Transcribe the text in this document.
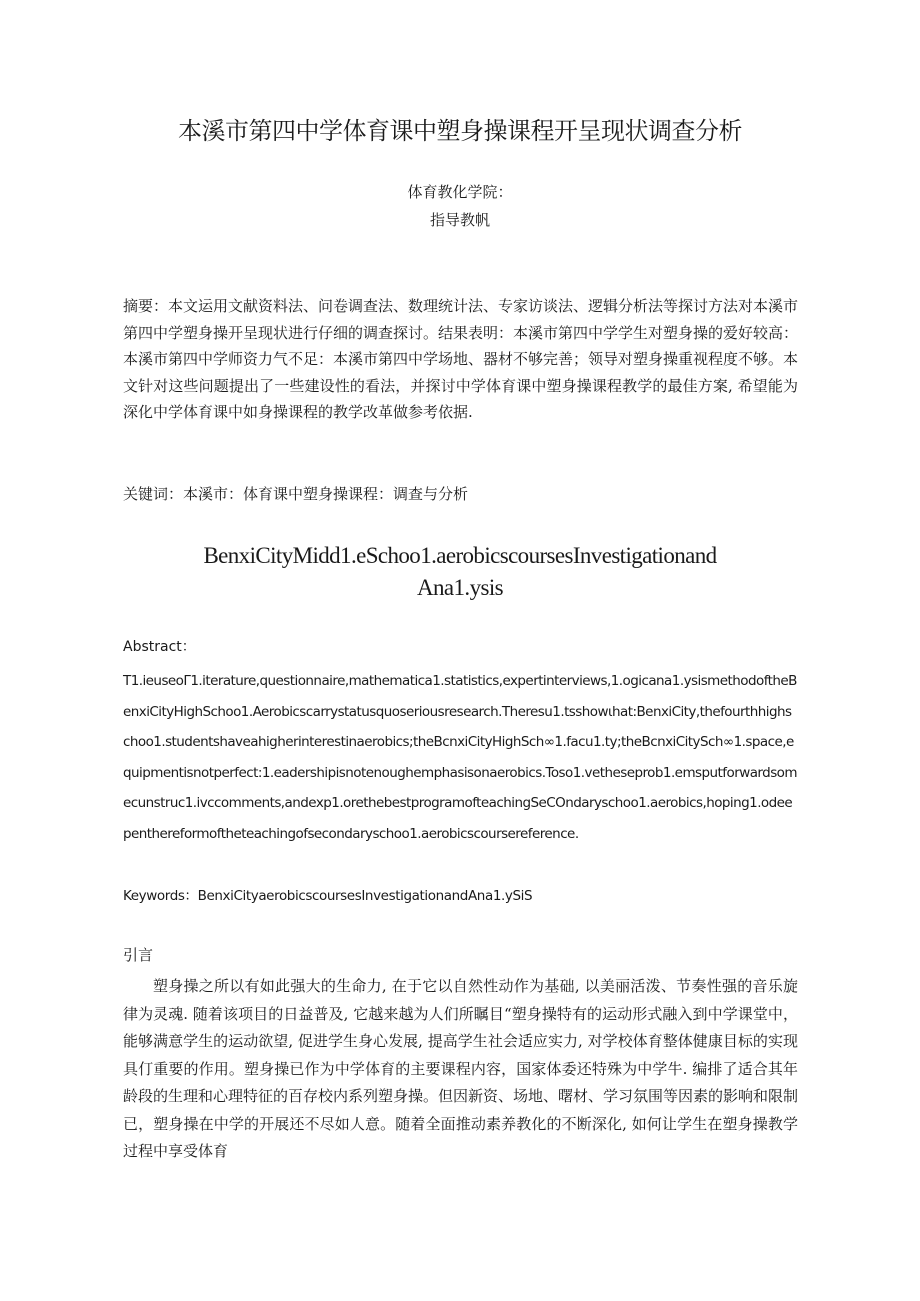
本溪市第四中学体育课中塑身操课程开呈现状调查分析
体育教化学院：
指导教帆

摘要：本文运用文献资料法、问卷调查法、数理统计法、专家访谈法、逻辑分析法等探讨方法对本溪市第四中学塑身操开呈现状进行仔细的调查探讨。结果表明：本溪市第四中学学生对塑身操的爱好较高：本溪市第四中学师资力气不足：本溪市第四中学场地、器材不够完善；领导对塑身操重视程度不够。本文针对这些问题提出了一些建设性的看法，并探讨中学体育课中塑身操课程教学的最佳方案, 希望能为深化中学体育课中如身操课程的教学改革做参考依据.

关键词：本溪市：体育课中塑身操课程：调查与分析

BenxiCityMidd1.eSchoo1.aerobicscoursesInvestigationand
Ana1.ysis
Abstract：

T1.ieuseoΓ1.iterature,questionnaire,mathematica1.statistics,expertinterviews,1.ogicana1.ysismethodoftheBenxiCityHighSchoo1.Aerobicscarrystatusquoseriousresearch.Theresu1.tsshowιhat:BenxiCity,thefourthhighschoo1.studentshaveahigherinterestinaerobics;theBcnxiCityHighSch∞1.facu1.ty;theBcnxiCitySch∞1.space,equipmentisnotperfect:1.eadershipisnotenoughemphasisonaerobics.Toso1.vetheseprob1.emsputforwardsomecunstruc1.ivccomments,andexp1.orethebestprogramofteachingSeCOndaryschoo1.aerobics,hoping1.odeepenthereformoftheteachingofsecondaryschoo1.aerobicscoursereference.

Keywords：BenxiCityaerobicscoursesInvestigationandAna1.ySiS

引言

塑身操之所以有如此强大的生命力, 在于它以自然性动作为基础, 以美丽活泼、节奏性强的音乐旋律为灵魂. 随着该项目的日益普及, 它越来越为人们所瞩目“塑身操特有的运动形式融入到中学课堂中，能够满意学生的运动欲望, 促进学生身心发展, 提高学生社会适应实力, 对学校体育整体健康目标的实现具仃重要的作用。塑身操已作为中学体育的主要课程内容，国家体委还特殊为中学牛. 编排了适合其年龄段的生理和心理特征的百存校内系列塑身操。但因新资、场地、曙材、学习氛围等因素的影响和限制已，塑身操在中学的开展还不尽如人意。随着全面推动素养教化的不断深化, 如何让学生在塑身操教学过程中享受体育
